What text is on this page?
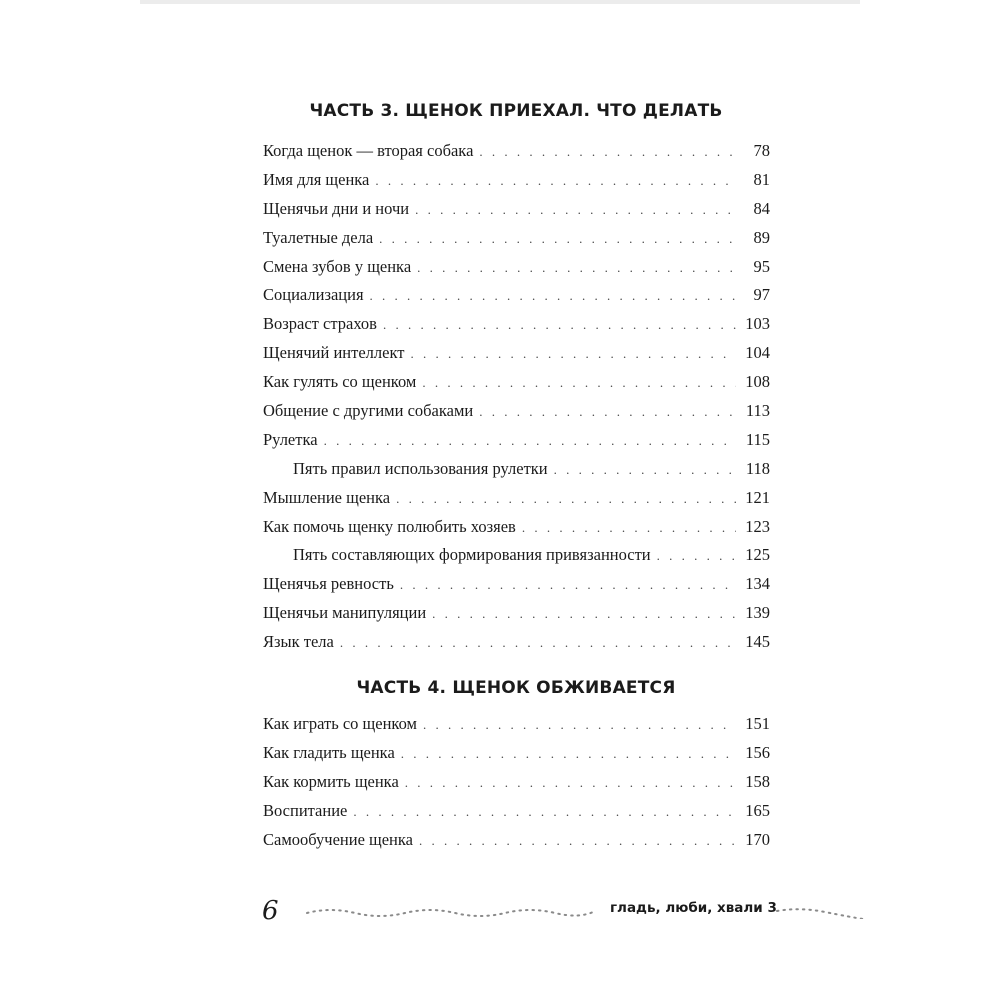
ЧАСТЬ 3. ЩЕНОК ПРИЕХАЛ. ЧТО ДЕЛАТЬ
Когда щенок — вторая собака . . .	78
Имя для щенка . . .	81
Щенячьи дни и ночи . . .	84
Туалетные дела . . .	89
Смена зубов у щенка . . .	95
Социализация . . .	97
Возраст страхов . . .	103
Щенячий интеллект . . .	104
Как гулять со щенком . . .	108
Общение с другими собаками . . .	113
Рулетка . . .	115
Пять правил использования рулетки . . .	118
Мышление щенка . . .	121
Как помочь щенку полюбить хозяев . . .	123
Пять составляющих формирования привязанности . . .	125
Щенячья ревность . . .	134
Щенячьи манипуляции . . .	139
Язык тела . . .	145
ЧАСТЬ 4. ЩЕНОК ОБЖИВАЕТСЯ
Как играть со щенком . . .	151
Как гладить щенка . . .	156
Как кормить щенка . . .	158
Воспитание . . .	165
Самообучение щенка . . .	170
6	гладь, люби, хвали 3
